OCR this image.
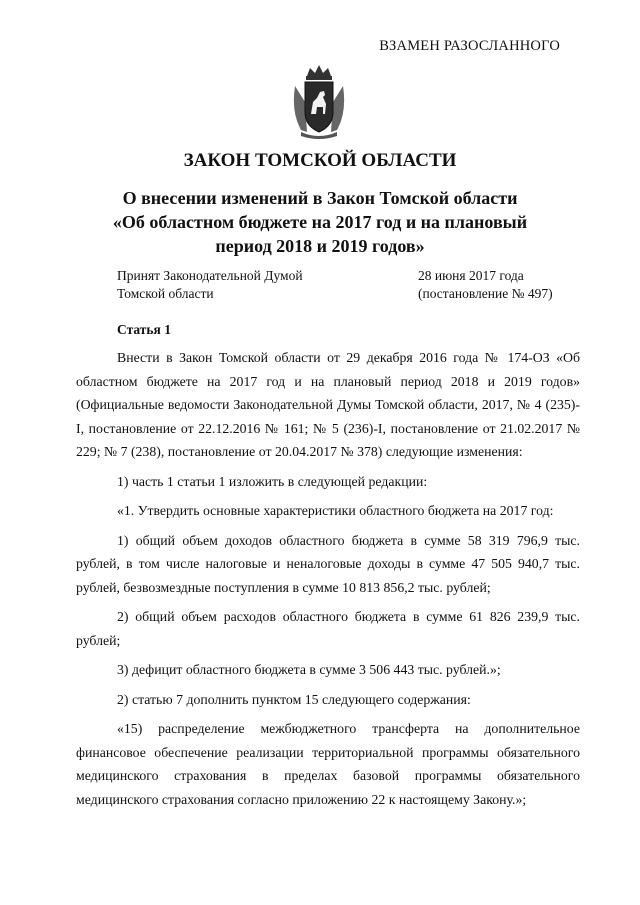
ВЗАМЕН РАЗОСЛАННОГО
ЗАКОН ТОМСКОЙ ОБЛАСТИ
О внесении изменений в Закон Томской области
«Об областном бюджете на 2017 год и на плановый
период 2018 и 2019 годов»
Принят Законодательной Думой
Томской области
28 июня 2017 года
(постановление № 497)
Статья 1

Внести в Закон Томской области от 29 декабря 2016 года № 174-ОЗ «Об областном бюджете на 2017 год и на плановый период 2018 и 2019 годов» (Официальные ведомости Законодательной Думы Томской области, 2017, № 4 (235)-I, постановление от 22.12.2016 № 161; № 5 (236)-I, постановление от 21.02.2017 № 229; № 7 (238), постановление от 20.04.2017 № 378) следующие изменения:

1) часть 1 статьи 1 изложить в следующей редакции:

«1. Утвердить основные характеристики областного бюджета на 2017 год:

1) общий объем доходов областного бюджета в сумме 58 319 796,9 тыс. рублей, в том числе налоговые и неналоговые доходы в сумме 47 505 940,7 тыс. рублей, безвозмездные поступления в сумме 10 813 856,2 тыс. рублей;

2) общий объем расходов областного бюджета в сумме 61 826 239,9 тыс. рублей;

3) дефицит областного бюджета в сумме 3 506 443 тыс. рублей.»;

2) статью 7 дополнить пунктом 15 следующего содержания:

«15) распределение межбюджетного трансферта на дополнительное финансовое обеспечение реализации территориальной программы обязательного медицинского страхования в пределах базовой программы обязательного медицинского страхования согласно приложению 22 к настоящему Закону.»;
